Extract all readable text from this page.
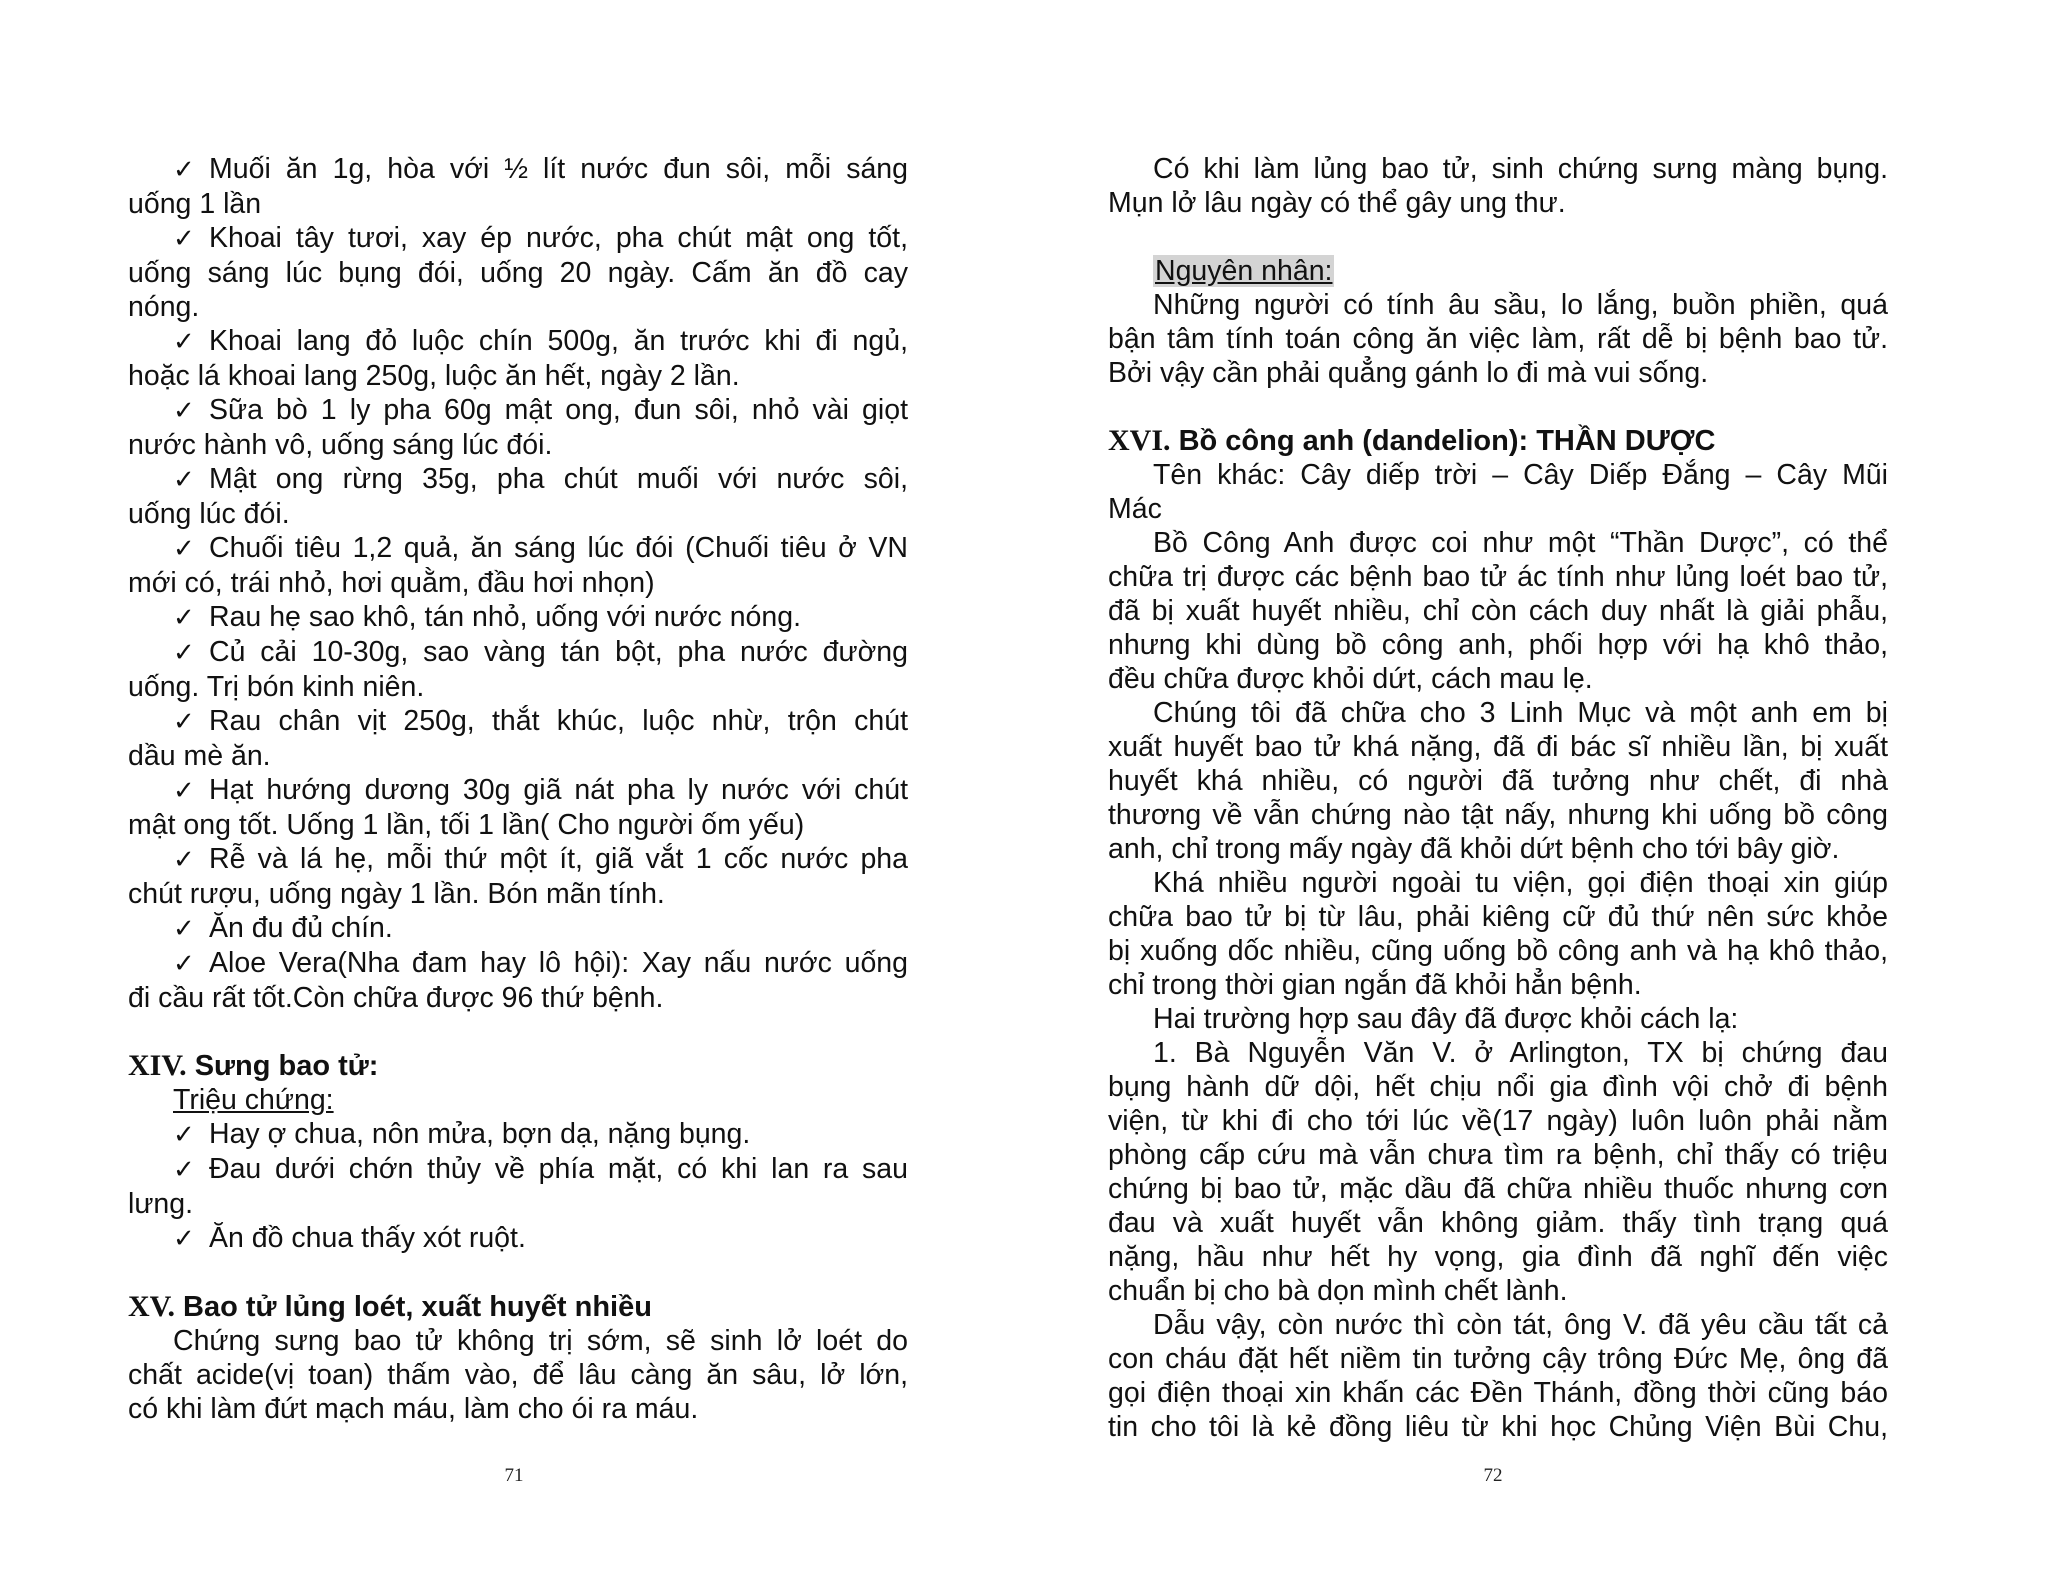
✓ Muối ăn 1g, hòa với ½ lít nước đun sôi, mỗi sáng
uống 1 lần
✓ Khoai tây tươi, xay ép nước, pha chút mật ong tốt,
uống sáng lúc bụng đói, uống 20 ngày. Cấm ăn đồ cay
nóng.
✓ Khoai lang đỏ luộc chín 500g, ăn trước khi đi ngủ,
hoặc lá khoai lang 250g, luộc ăn hết, ngày 2 lần.
✓ Sữa bò 1 ly pha 60g mật ong, đun sôi, nhỏ vài giọt
nước hành vô, uống sáng lúc đói.
✓ Mật ong rừng 35g, pha chút muối với nước sôi,
uống lúc đói.
✓ Chuối tiêu 1,2 quả, ăn sáng lúc đói (Chuối tiêu ở VN
mới có, trái nhỏ, hơi quằm, đầu hơi nhọn)
✓ Rau hẹ sao khô, tán nhỏ, uống với nước nóng.
✓ Củ cải 10-30g, sao vàng tán bột, pha nước đường
uống. Trị bón kinh niên.
✓ Rau chân vịt 250g, thắt khúc, luộc nhừ, trộn chút
dầu mè ăn.
✓ Hạt hướng dương 30g giã nát pha ly nước với chút
mật ong tốt. Uống 1 lần, tối 1 lần( Cho người ốm yếu)
✓ Rễ và lá hẹ, mỗi thứ một ít, giã vắt 1 cốc nước pha
chút rượu, uống ngày 1 lần. Bón mãn tính.
✓ Ăn đu đủ chín.
✓ Aloe Vera(Nha đam hay lô hội): Xay nấu nước uống
đi cầu rất tốt.Còn chữa được 96 thứ bệnh.
XIV. Sưng bao tử:
Triệu chứng:
✓ Hay ợ chua, nôn mửa, bợn dạ, nặng bụng.
✓ Đau dưới chớn thủy về phía mặt, có khi lan ra sau
lưng.
✓ Ăn đồ chua thấy xót ruột.
XV. Bao tử lủng loét, xuất huyết nhiều
Chứng sưng bao tử không trị sớm, sẽ sinh lở loét do
chất acide(vị toan) thấm vào, để lâu càng ăn sâu, lở lớn,
có khi làm đứt mạch máu, làm cho ói ra máu.
Có khi làm lủng bao tử, sinh chứng sưng màng bụng.
Mụn lở lâu ngày có thể gây ung thư.
Nguyên nhân:
Những người có tính âu sầu, lo lắng, buồn phiền, quá
bận tâm tính toán công ăn việc làm, rất dễ bị bệnh bao tử.
Bởi vậy cần phải quẳng gánh lo đi mà vui sống.
XVI. Bồ công anh (dandelion): THẦN DƯỢC
Tên khác: Cây diếp trời – Cây Diếp Đắng – Cây Mũi
Mác
Bồ Công Anh được coi như một “Thần Dược”, có thể
chữa trị được các bệnh bao tử ác tính như lủng loét bao tử,
đã bị xuất huyết nhiều, chỉ còn cách duy nhất là giải phẫu,
nhưng khi dùng bồ công anh, phối hợp với hạ khô thảo,
đều chữa được khỏi dứt, cách mau lẹ.
Chúng tôi đã chữa cho 3 Linh Mục và một anh em bị
xuất huyết bao tử khá nặng, đã đi bác sĩ nhiều lần, bị xuất
huyết khá nhiều, có người đã tưởng như chết, đi nhà
thương về vẫn chứng nào tật nấy, nhưng khi uống bồ công
anh, chỉ trong mấy ngày đã khỏi dứt bệnh cho tới bây giờ.
Khá nhiều người ngoài tu viện, gọi điện thoại xin giúp
chữa bao tử bị từ lâu, phải kiêng cữ đủ thứ nên sức khỏe
bị xuống dốc nhiều, cũng uống bồ công anh và hạ khô thảo,
chỉ trong thời gian ngắn đã khỏi hẳn bệnh.
Hai trường hợp sau đây đã được khỏi cách lạ:
1. Bà Nguyễn Văn V. ở Arlington, TX bị chứng đau
bụng hành dữ dội, hết chịu nổi gia đình vội chở đi bệnh
viện, từ khi đi cho tới lúc về(17 ngày) luôn luôn phải nằm
phòng cấp cứu mà vẫn chưa tìm ra bệnh, chỉ thấy có triệu
chứng bị bao tử, mặc dầu đã chữa nhiều thuốc nhưng cơn
đau và xuất huyết vẫn không giảm. thấy tình trạng quá
nặng, hầu như hết hy vọng, gia đình đã nghĩ đến việc
chuẩn bị cho bà dọn mình chết lành.
Dẫu vậy, còn nước thì còn tát, ông V. đã yêu cầu tất cả
con cháu đặt hết niềm tin tưởng cậy trông Đức Mẹ, ông đã
gọi điện thoại xin khấn các Đền Thánh, đồng thời cũng báo
tin cho tôi là kẻ đồng liêu từ khi học Chủng Viện Bùi Chu,
71	72
